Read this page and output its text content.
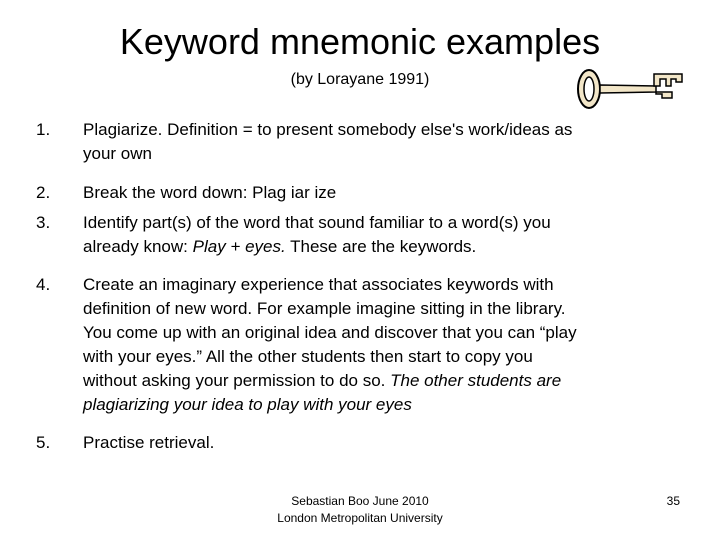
Keyword mnemonic examples
(by Lorayane 1991)
1. Plagiarize. Definition = to present somebody else's work/ideas as
your own
2. Break the word down: Plag iar ize
3. Identify part(s) of the word that sound familiar to a word(s) you
already know: Play + eyes. These are the keywords.
4. Create an imaginary experience that associates keywords with
definition of new word. For example imagine sitting in the library.
You come up with an original idea and discover that you can “play
with your eyes.” All the other students then start to copy you
without asking your permission to do so. The other students are
plagiarizing your idea to play with your eyes
5. Practise retrieval.
Sebastian Boo June 2010
London Metropolitan University
35
